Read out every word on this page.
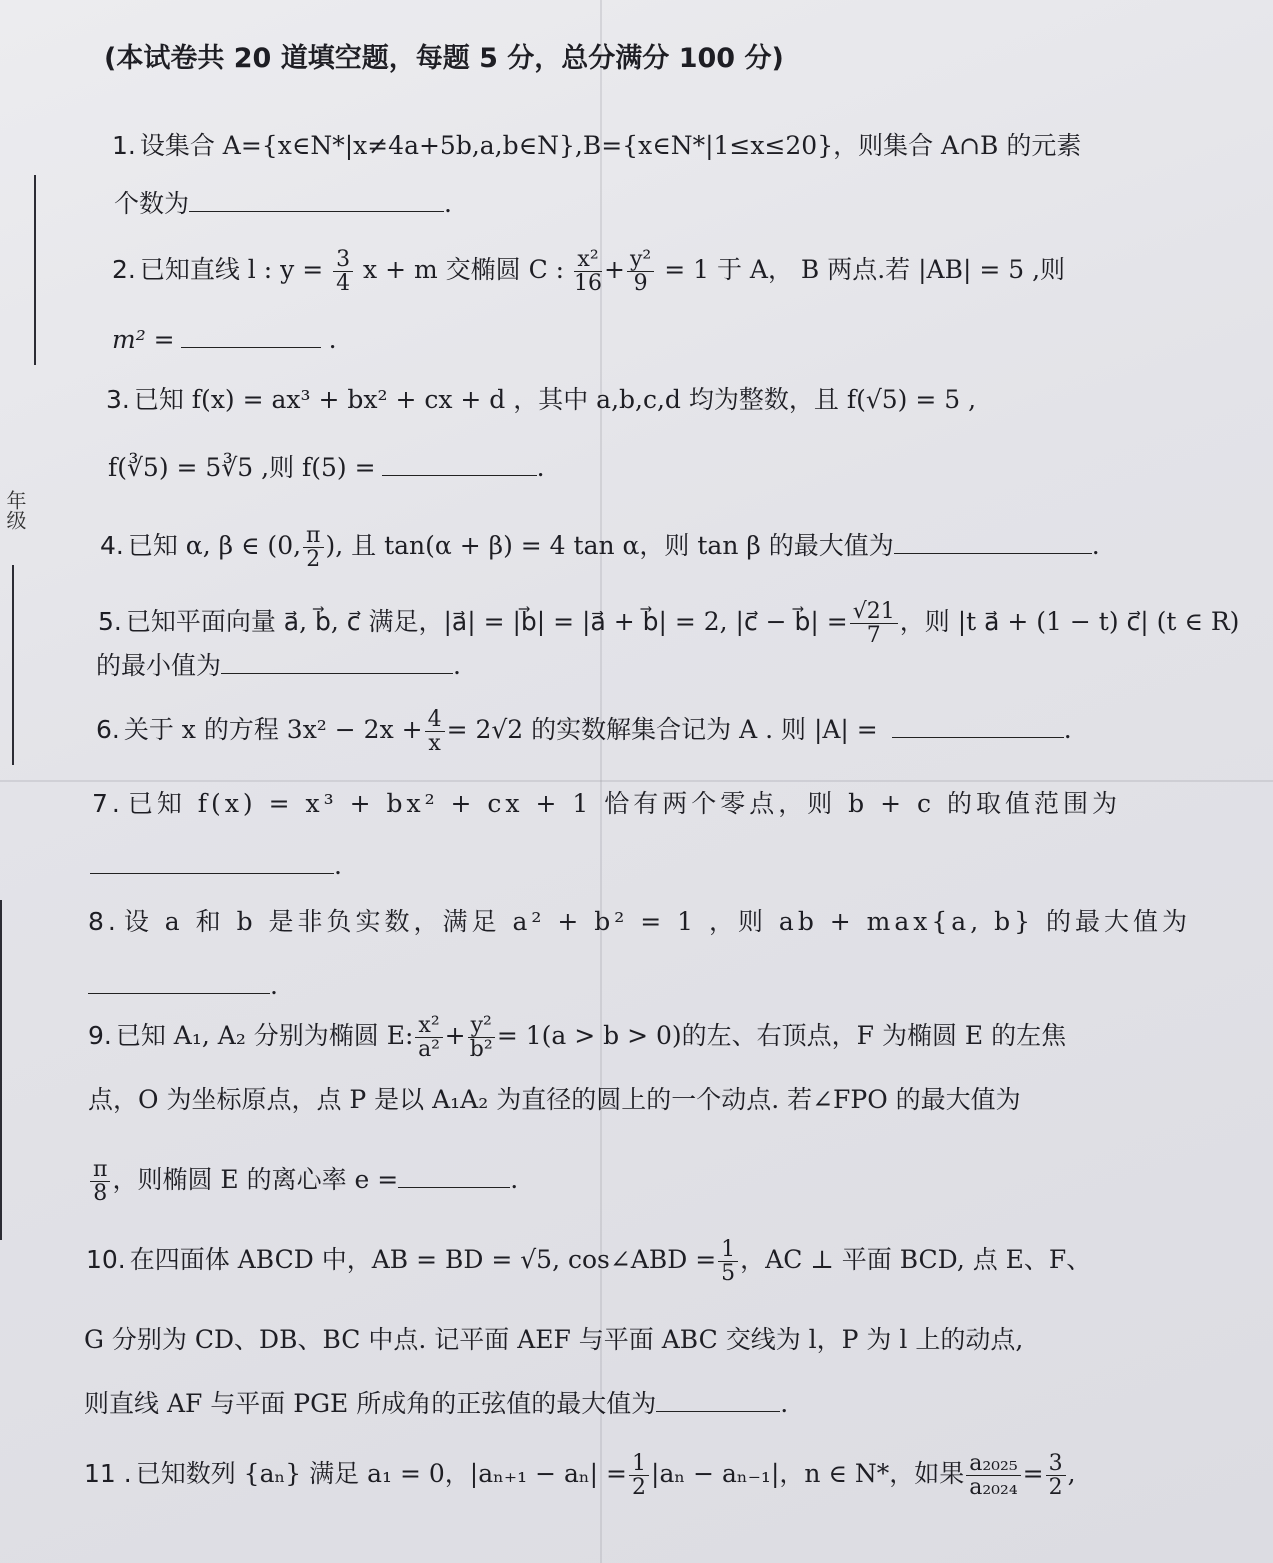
年级
(本试卷共 20 道填空题，每题 5 分，总分满分 100 分)
1. 设集合 A={x∈N*|x≠4a+5b,a,b∈N},B={x∈N*|1≤x≤20}，则集合 A∩B 的元素
个数为	.
2. 已知直线 l : $y = \frac{3}{4}$ x + m 交椭圆 C : $\frac{\text{x²}}{16} + \frac{\text{y²}}{9} = 1$ 于 A， B 两点.若 |AB| = 5 ,则
m² =	.
3. 已知 f(x) = ax³ + bx² + cx + d ，其中 a,b,c,d 均为整数，且 f(√5) = 5 ,
f(∛5) = 5∛5 ,则 f(5) =	.
4. 已知 α, β ∈ (0, $\frac{\pi}{2}$ ), 且 tan(α + β) = 4 tan α，则 tan β 的最大值为	.
5. 已知平面向量 a⃗, b⃗, c⃗ 满足，|a⃗| = |b⃗| = |a⃗ + b⃗| = 2, |c⃗ − b⃗| = $\frac{√21}{7}$ ，则 |t a⃗ + (1 − t) c⃗| (t ∈ R)
的最小值为	.
6. 关于 x 的方程 $3x^2 - 2x + \frac{4}{x} = 2√2$ 的实数解集合记为 A . 则 |A| =	.
7. 已知 f(x) = x³ + bx² + cx + 1 恰有两个零点，则 b + c 的取值范围为
.
8. 设 a 和 b 是非负实数，满足 a² + b² = 1 ，则 ab + max{a, b} 的最大值为
.
9. 已知 A₁, A₂ 分别为椭圆 E: $\frac{\text{x²}}{\text{a²}} + \frac{\text{y²}}{\text{b²}} = 1(a > b > 0)$的左、右顶点，F 为椭圆 E 的左焦
点，O 为坐标原点，点 P 是以 A₁A₂ 为直径的圆上的一个动点. 若∠FPO 的最大值为
$\frac{\pi}{8}$ ，则椭圆 E 的离心率 e =	.
10. 在四面体 ABCD 中，AB = BD = √5, cos∠ABD = $\frac{1}{5}$ ，AC ⊥ 平面 BCD, 点 E、F、
G 分别为 CD、DB、BC 中点. 记平面 AEF 与平面 ABC 交线为 l，P 为 l 上的动点,
则直线 AF 与平面 PGE 所成角的正弦值的最大值为	.
11 . 已知数列 {aₙ} 满足 a₁ = 0，$|a_{n+1} - a_n| = \frac{1}{2} |a_n - a_{n-1}|$，n ∈ N*，如果 $\frac{\text{a₂₀₂₅}}{\text{a₂₀₂₄}} = \frac{3}{2}$ ,
